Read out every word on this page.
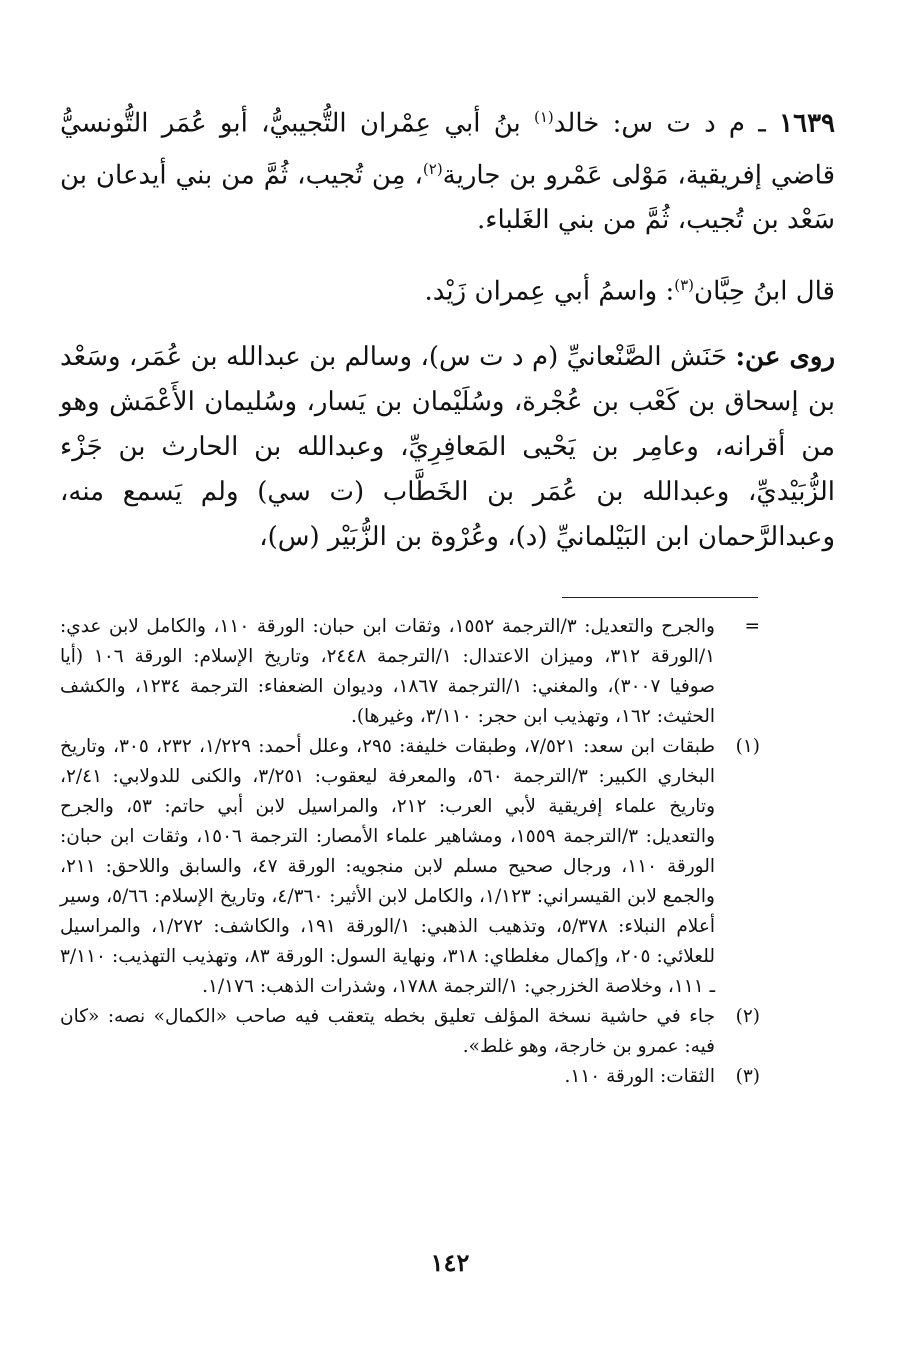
١٦٣٩ ـ م د ت س: خالد$^{(١)}$ بنُ أبي عِمْران التُّجيبيُّ، أبو عُمَر التُّونسيُّ قاضي إفريقية، مَوْلى عَمْرو بن جارية$^{(٢)}$، مِن تُجيب، ثُمَّ من بني أيدعان بن سَعْد بن تُجيب، ثُمَّ من بني الغَلباء.

قال ابنُ حِبَّان$^{(٣)}$: واسمُ أبي عِمران زَيْد.

روى عن: حَنَش الصَّنْعانيِّ (م د ت س)، وسالم بن عبدالله بن عُمَر، وسَعْد بن إسحاق بن كَعْب بن عُجْرة، وسُلَيْمان بن يَسار، وسُليمان الأَعْمَش وهو من أقرانه، وعامِر بن يَحْيى المَعافِرِيِّ، وعبدالله بن الحارث بن جَزْء الزُّبَيْديِّ، وعبدالله بن عُمَر بن الخَطَّاب (ت سي) ولم يَسمع منه، وعبدالرَّحمان ابن البَيْلمانيِّ (د)، وعُرْوة بن الزُّبَيْر (س)،

=
والجرح والتعديل: ٣/الترجمة ١٥٥٢، وثقات ابن حبان: الورقة ١١٠، والكامل لابن عدي: ١/الورقة ٣١٢، وميزان الاعتدال: ١/الترجمة ٢٤٤٨، وتاريخ الإسلام: الورقة ١٠٦ (أيا صوفيا ٣٠٠٧)، والمغني: ١/الترجمة ١٨٦٧، وديوان الضعفاء: الترجمة ١٢٣٤، والكشف الحثيث: ١٦٢، وتهذيب ابن حجر: ٣/١١٠، وغيرها).
(١)
طبقات ابن سعد: ٧/٥٢١، وطبقات خليفة: ٢٩٥، وعلل أحمد: ١/٢٢٩، ٢٣٢، ٣٠٥، وتاريخ البخاري الكبير: ٣/الترجمة ٥٦٠، والمعرفة ليعقوب: ٣/٢٥١، والكنى للدولابي: ٢/٤١، وتاريخ علماء إفريقية لأبي العرب: ٢١٢، والمراسيل لابن أبي حاتم: ٥٣، والجرح والتعديل: ٣/الترجمة ١٥٥٩، ومشاهير علماء الأمصار: الترجمة ١٥٠٦، وثقات ابن حبان: الورقة ١١٠، ورجال صحيح مسلم لابن منجويه: الورقة ٤٧، والسابق واللاحق: ٢١١، والجمع لابن القيسراني: ١/١٢٣، والكامل لابن الأثير: ٤/٣٦٠، وتاريخ الإسلام: ٥/٦٦، وسير أعلام النبلاء: ٥/٣٧٨، وتذهيب الذهبي: ١/الورقة ١٩١، والكاشف: ١/٢٧٢، والمراسيل للعلائي: ٢٠٥، وإكمال مغلطاي: ٣١٨، ونهاية السول: الورقة ٨٣، وتهذيب التهذيب: ٣/١١٠ ـ ١١١، وخلاصة الخزرجي: ١/الترجمة ١٧٨٨، وشذرات الذهب: ١/١٧٦.
(٢)
جاء في حاشية نسخة المؤلف تعليق بخطه يتعقب فيه صاحب «الكمال» نصه: «كان فيه: عمرو بن خارجة، وهو غلط».
(٣)
الثقات: الورقة ١١٠.
١٤٢
